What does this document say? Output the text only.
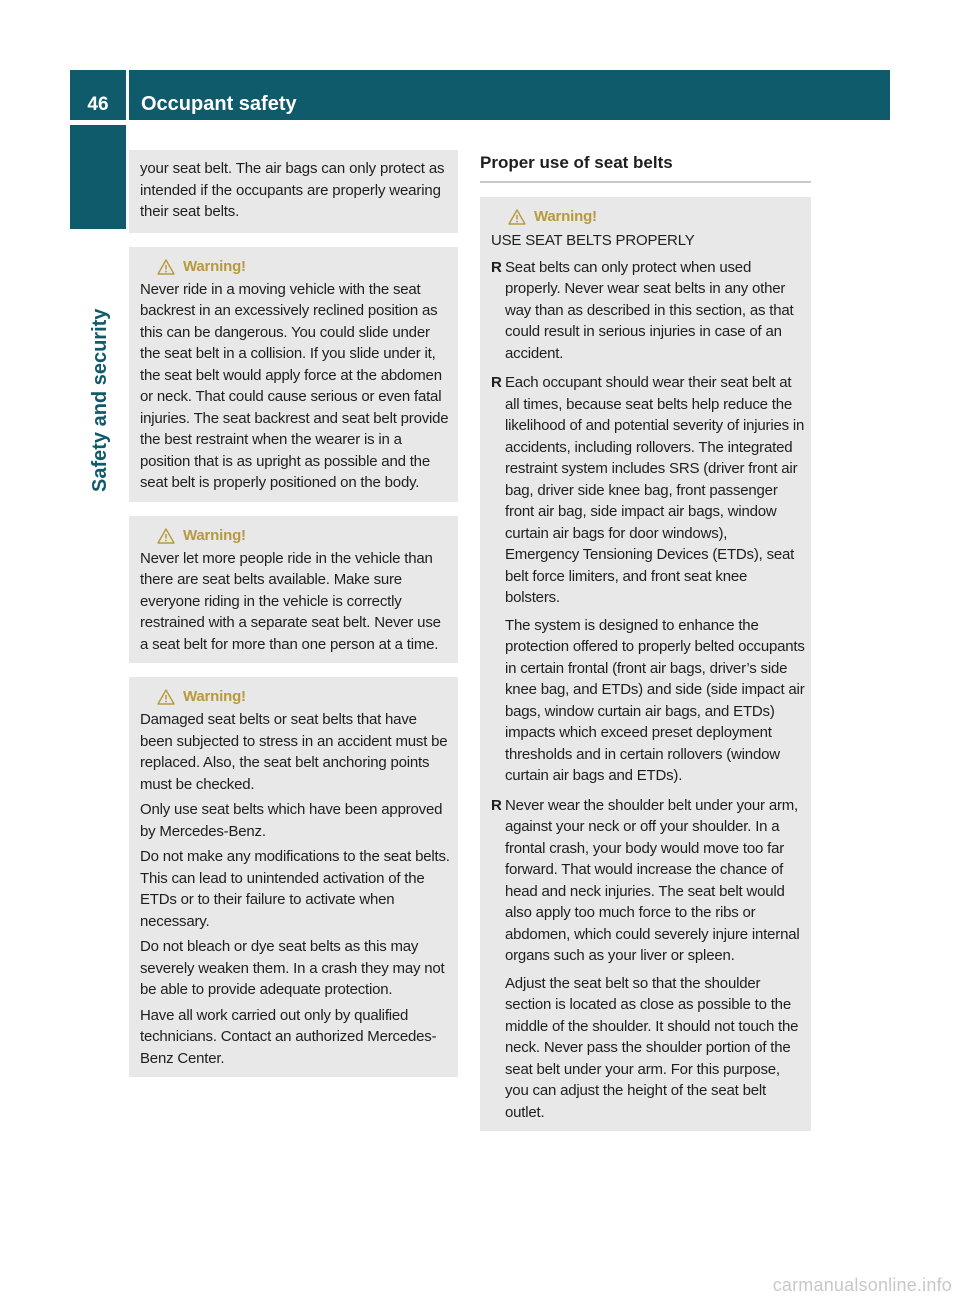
46	Occupant safety
Safety and security
your seat belt. The air bags can only protect as intended if the occupants are properly wearing their seat belts.
Warning!
Never ride in a moving vehicle with the seat backrest in an excessively reclined position as this can be dangerous. You could slide under the seat belt in a collision. If you slide under it, the seat belt would apply force at the abdomen or neck. That could cause serious or even fatal injuries. The seat backrest and seat belt provide the best restraint when the wearer is in a position that is as upright as possible and the seat belt is properly positioned on the body.
Warning!
Never let more people ride in the vehicle than there are seat belts available. Make sure everyone riding in the vehicle is correctly restrained with a separate seat belt. Never use a seat belt for more than one person at a time.
Warning!
Damaged seat belts or seat belts that have been subjected to stress in an accident must be replaced. Also, the seat belt anchoring points must be checked.
Only use seat belts which have been approved by Mercedes-Benz.
Do not make any modifications to the seat belts. This can lead to unintended activation of the ETDs or to their failure to activate when necessary.
Do not bleach or dye seat belts as this may severely weaken them. In a crash they may not be able to provide adequate protection.
Have all work carried out only by qualified technicians. Contact an authorized Mercedes-Benz Center.
Proper use of seat belts
Warning!
USE SEAT BELTS PROPERLY
R Seat belts can only protect when used properly. Never wear seat belts in any other way than as described in this section, as that could result in serious injuries in case of an accident.
R Each occupant should wear their seat belt at all times, because seat belts help reduce the likelihood of and potential severity of injuries in accidents, including rollovers. The integrated restraint system includes SRS (driver front air bag, driver side knee bag, front passenger front air bag, side impact air bags, window curtain air bags for door windows), Emergency Tensioning Devices (ETDs), seat belt force limiters, and front seat knee bolsters.
The system is designed to enhance the protection offered to properly belted occupants in certain frontal (front air bags, driver’s side knee bag, and ETDs) and side (side impact air bags, window curtain air bags, and ETDs) impacts which exceed preset deployment thresholds and in certain rollovers (window curtain air bags and ETDs).
R Never wear the shoulder belt under your arm, against your neck or off your shoulder. In a frontal crash, your body would move too far forward. That would increase the chance of head and neck injuries. The seat belt would also apply too much force to the ribs or abdomen, which could severely injure internal organs such as your liver or spleen.
Adjust the seat belt so that the shoulder section is located as close as possible to the middle of the shoulder. It should not touch the neck. Never pass the shoulder portion of the seat belt under your arm. For this purpose, you can adjust the height of the seat belt outlet.
carmanualsonline.info
